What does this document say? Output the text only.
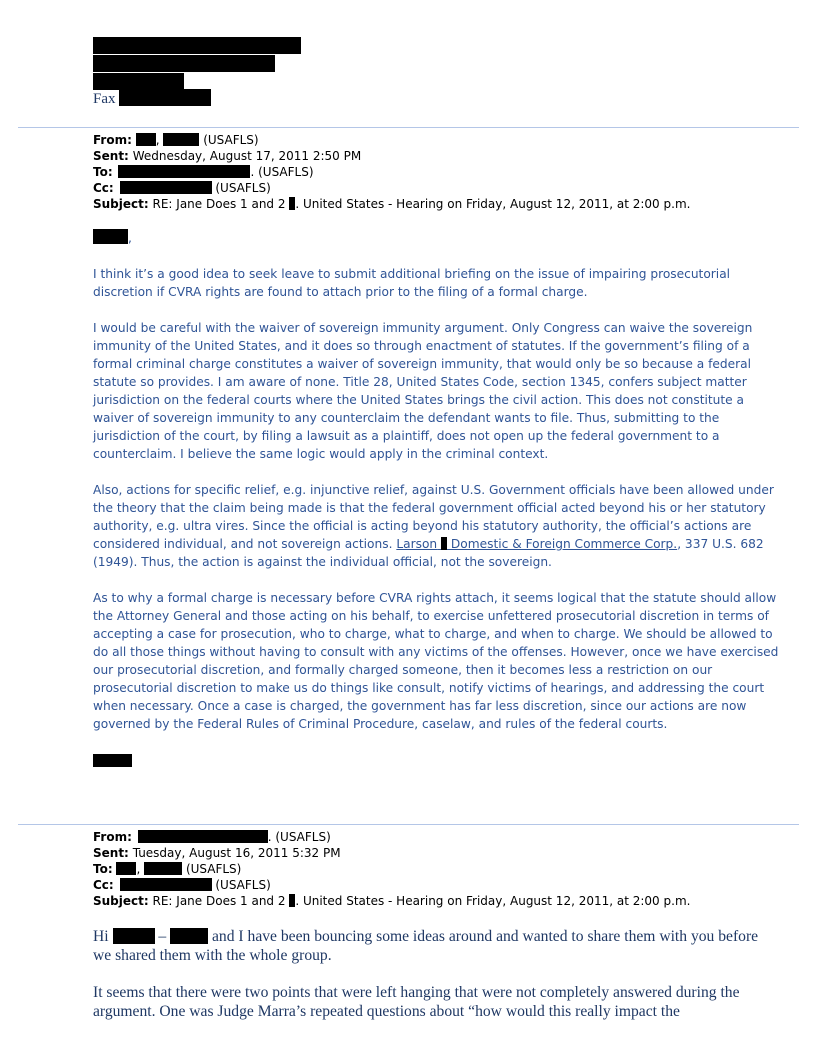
Fax
From: ,	(USAFLS)
Sent: Wednesday, August 17, 2011 2:50 PM
To:	. (USAFLS)
Cc:	(USAFLS)
Subject: RE: Jane Does 1 and 2 . United States - Hearing on Friday, August 12, 2011, at 2:00 p.m.
,

I think it’s a good idea to seek leave to submit additional briefing on the issue of impairing prosecutorial discretion if CVRA rights are found to attach prior to the filing of a formal charge.

I would be careful with the waiver of sovereign immunity argument. Only Congress can waive the sovereign immunity of the United States, and it does so through enactment of statutes. If the government’s filing of a formal criminal charge constitutes a waiver of sovereign immunity, that would only be so because a federal statute so provides. I am aware of none. Title 28, United States Code, section 1345, confers subject matter jurisdiction on the federal courts where the United States brings the civil action. This does not constitute a waiver of sovereign immunity to any counterclaim the defendant wants to file. Thus, submitting to the jurisdiction of the court, by filing a lawsuit as a plaintiff, does not open up the federal government to a counterclaim. I believe the same logic would apply in the criminal context.

Also, actions for specific relief, e.g. injunctive relief, against U.S. Government officials have been allowed under the theory that the claim being made is that the federal government official acted beyond his or her statutory authority, e.g. ultra vires. Since the official is acting beyond his statutory authority, the official’s actions are considered individual, and not sovereign actions. Larson  Domestic & Foreign Commerce Corp., 337 U.S. 682 (1949). Thus, the action is against the individual official, not the sovereign.

As to why a formal charge is necessary before CVRA rights attach, it seems logical that the statute should allow the Attorney General and those acting on his behalf, to exercise unfettered prosecutorial discretion in terms of accepting a case for prosecution, who to charge, what to charge, and when to charge. We should be allowed to do all those things without having to consult with any victims of the offenses. However, once we have exercised our prosecutorial discretion, and formally charged someone, then it becomes less a restriction on our prosecutorial discretion to make us do things like consult, notify victims of hearings, and addressing the court when necessary. Once a case is charged, the government has far less discretion, since our actions are now governed by the Federal Rules of Criminal Procedure, caselaw, and rules of the federal courts.

From:	. (USAFLS)
Sent: Tuesday, August 16, 2011 5:32 PM
To: ,	(USAFLS)
Cc:	(USAFLS)
Subject: RE: Jane Does 1 and 2 . United States - Hearing on Friday, August 12, 2011, at 2:00 p.m.

Hi	–	and I have been bouncing some ideas around and wanted to share them with you before we shared them with the whole group.

It seems that there were two points that were left hanging that were not completely answered during the argument. One was Judge Marra’s repeated questions about “how would this really impact the
